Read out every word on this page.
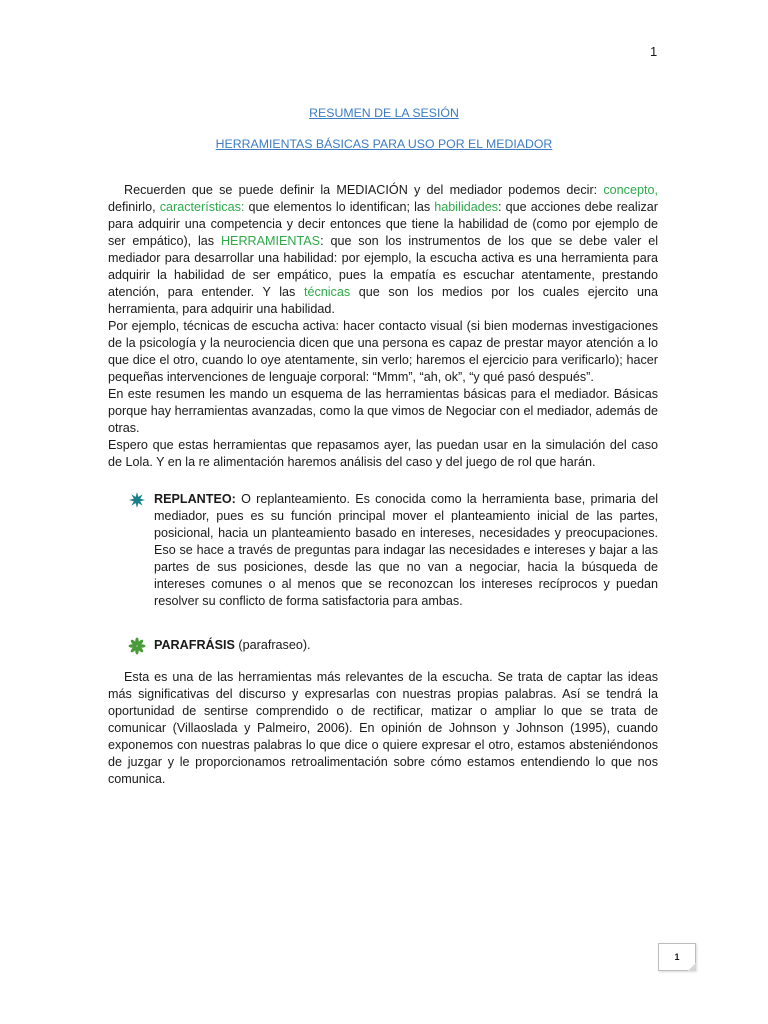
1
RESUMEN DE LA SESIÓN
HERRAMIENTAS BÁSICAS PARA USO POR EL MEDIADOR

Recuerden que se puede definir la MEDIACIÓN y del mediador podemos decir: concepto, definirlo, características: que elementos lo identifican; las habilidades: que acciones debe realizar para adquirir una competencia y decir entonces que tiene la habilidad de (como por ejemplo de ser empático), las HERRAMIENTAS: que son los instrumentos de los que se debe valer el mediador para desarrollar una habilidad: por ejemplo, la escucha activa es una herramienta para adquirir la habilidad de ser empático, pues la empatía es escuchar atentamente, prestando atención, para entender. Y las técnicas que son los medios por los cuales ejercito una herramienta, para adquirir una habilidad.

Por ejemplo, técnicas de escucha activa: hacer contacto visual (si bien modernas investigaciones de la psicología y la neurociencia dicen que una persona es capaz de prestar mayor atención a lo que dice el otro, cuando lo oye atentamente, sin verlo; haremos el ejercicio para verificarlo); hacer pequeñas intervenciones de lenguaje corporal: “Mmm”, “ah, ok”, “y qué pasó después”.

En este resumen les mando un esquema de las herramientas básicas para el mediador. Básicas porque hay herramientas avanzadas, como la que vimos de Negociar con el mediador, además de otras.

Espero que estas herramientas que repasamos ayer, las puedan usar en la simulación del caso de Lola. Y en la re alimentación haremos análisis del caso y del juego de rol que harán.

REPLANTEO: O replanteamiento. Es conocida como la herramienta base, primaria del mediador, pues es su función principal mover el planteamiento inicial de las partes, posicional, hacia un planteamiento basado en intereses, necesidades y preocupaciones. Eso se hace a través de preguntas para indagar las necesidades e intereses y bajar a las partes de sus posiciones, desde las que no van a negociar, hacia la búsqueda de intereses comunes o al menos que se reconozcan los intereses recíprocos y puedan resolver su conflicto de forma satisfactoria para ambas.
PARAFRÁSIS (parafraseo).

Esta es una de las herramientas más relevantes de la escucha. Se trata de captar las ideas más significativas del discurso y expresarlas con nuestras propias palabras. Así se tendrá la oportunidad de sentirse comprendido o de rectificar, matizar o ampliar lo que se trata de comunicar (Villaoslada y Palmeiro, 2006). En opinión de Johnson y Johnson (1995), cuando exponemos con nuestras palabras lo que dice o quiere expresar el otro, estamos absteniéndonos de juzgar y le proporcionamos retroalimentación sobre cómo estamos entendiendo lo que nos comunica.

1
